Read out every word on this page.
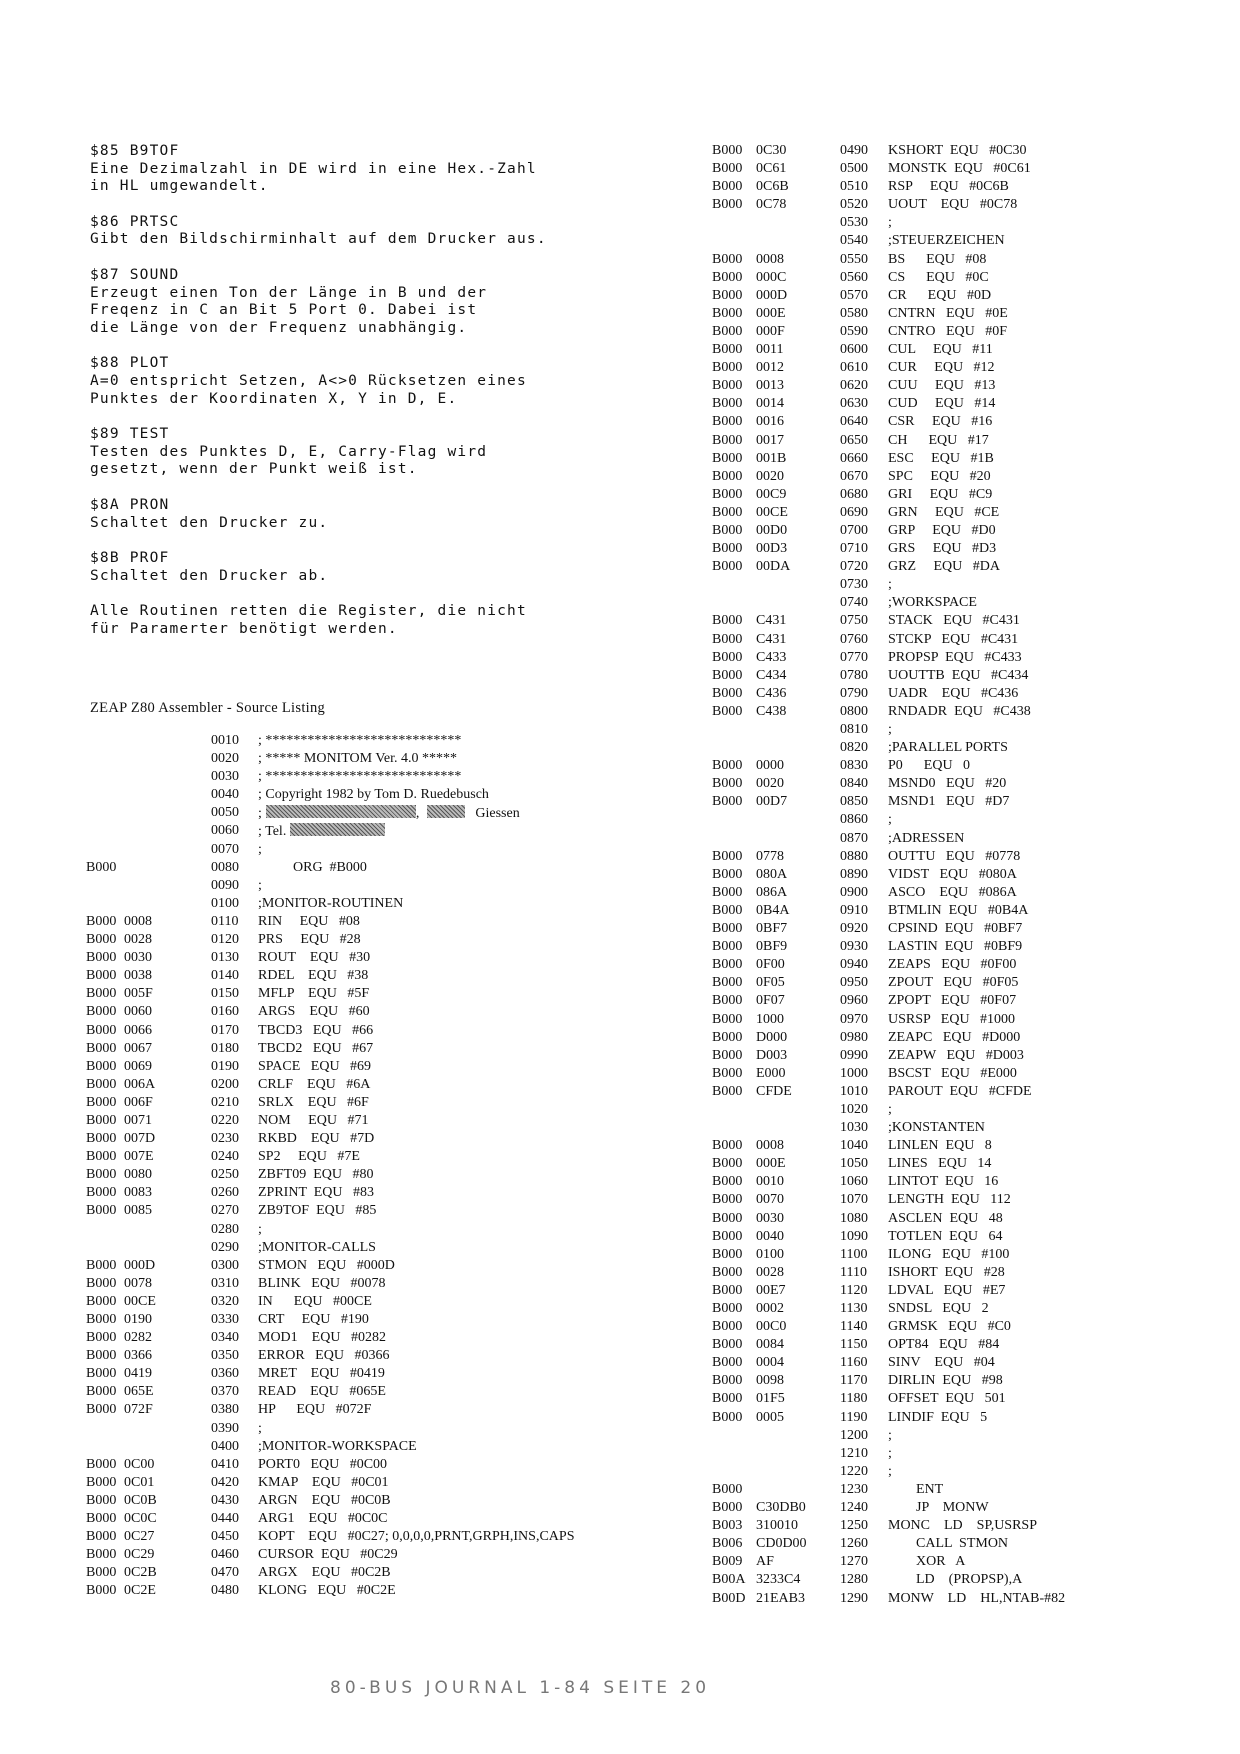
$85 B9TOF
Eine Dezimalzahl in DE wird in eine Hex.-Zahl
in HL umgewandelt.
$86 PRTSC
Gibt den Bildschirminhalt auf dem Drucker aus.
$87 SOUND
Erzeugt einen Ton der Länge in B und der
Freqenz in C an Bit 5 Port 0. Dabei ist
die Länge von der Frequenz unabhängig.
$88 PLOT
A=0 entspricht Setzen, A<>0 Rücksetzen eines
Punktes der Koordinaten X, Y in D, E.
$89 TEST
Testen des Punktes D, E, Carry-Flag wird
gesetzt, wenn der Punkt weiß ist.
$8A PRON
Schaltet den Drucker zu.
$8B PROF
Schaltet den Drucker ab.
Alle Routinen retten die Register, die nicht
für Paramerter benötigt werden.
ZEAP Z80 Assembler - Source Listing
0010 ; ****************************
0020 ; ***** MONITOM Ver. 4.0 *****
0030 ; ****************************
0040 ; Copyright 1982 by Tom D. Ruedebusch
0050 ;	,	Giessen
0060 ; Tel.
0070 ;
B000	0080 ORG  #B000
0090 ;
0100 ;MONITOR-ROUTINEN
B000 0008	0110 RIN     EQU   #08
B000 0028	0120 PRS     EQU   #28
B000 0030	0130 ROUT    EQU   #30
B000 0038	0140 RDEL    EQU   #38
B000 005F	0150 MFLP    EQU   #5F
B000 0060	0160 ARGS    EQU   #60
B000 0066	0170 TBCD3   EQU   #66
B000 0067	0180 TBCD2   EQU   #67
B000 0069	0190 SPACE   EQU   #69
B000 006A	0200 CRLF    EQU   #6A
B000 006F	0210 SRLX    EQU   #6F
B000 0071	0220 NOM     EQU   #71
B000 007D	0230 RKBD    EQU   #7D
B000 007E	0240 SP2     EQU   #7E
B000 0080	0250 ZBFT09  EQU   #80
B000 0083	0260 ZPRINT  EQU   #83
B000 0085	0270 ZB9TOF  EQU   #85
0280 ;
0290 ;MONITOR-CALLS
B000 000D	0300 STMON   EQU   #000D
B000 0078	0310 BLINK   EQU   #0078
B000 00CE	0320 IN      EQU   #00CE
B000 0190	0330 CRT     EQU   #190
B000 0282	0340 MOD1    EQU   #0282
B000 0366	0350 ERROR   EQU   #0366
B000 0419	0360 MRET    EQU   #0419
B000 065E	0370 READ    EQU   #065E
B000 072F	0380 HP      EQU   #072F
0390 ;
0400 ;MONITOR-WORKSPACE
B000 0C00	0410 PORT0   EQU   #0C00
B000 0C01	0420 KMAP    EQU   #0C01
B000 0C0B	0430 ARGN    EQU   #0C0B
B000 0C0C	0440 ARG1    EQU   #0C0C
B000 0C27	0450 KOPT    EQU   #0C27; 0,0,0,0,PRNT,GRPH,INS,CAPS
B000 0C29	0460 CURSOR  EQU   #0C29
B000 0C2B	0470 ARGX    EQU   #0C2B
B000 0C2E	0480 KLONG   EQU   #0C2E
B000 0C30	0490 KSHORT  EQU   #0C30
B000 0C61	0500 MONSTK  EQU   #0C61
B000 0C6B	0510 RSP     EQU   #0C6B
B000 0C78	0520 UOUT    EQU   #0C78
0530 ;
0540 ;STEUERZEICHEN
B000 0008	0550 BS      EQU   #08
B000 000C	0560 CS      EQU   #0C
B000 000D	0570 CR      EQU   #0D
B000 000E	0580 CNTRN   EQU   #0E
B000 000F	0590 CNTRO   EQU   #0F
B000 0011	0600 CUL     EQU   #11
B000 0012	0610 CUR     EQU   #12
B000 0013	0620 CUU     EQU   #13
B000 0014	0630 CUD     EQU   #14
B000 0016	0640 CSR     EQU   #16
B000 0017	0650 CH      EQU   #17
B000 001B	0660 ESC     EQU   #1B
B000 0020	0670 SPC     EQU   #20
B000 00C9	0680 GRI     EQU   #C9
B000 00CE	0690 GRN     EQU   #CE
B000 00D0	0700 GRP     EQU   #D0
B000 00D3	0710 GRS     EQU   #D3
B000 00DA	0720 GRZ     EQU   #DA
0730 ;
0740 ;WORKSPACE
B000 C431	0750 STACK   EQU   #C431
B000 C431	0760 STCKP   EQU   #C431
B000 C433	0770 PROPSP  EQU   #C433
B000 C434	0780 UOUTTB  EQU   #C434
B000 C436	0790 UADR    EQU   #C436
B000 C438	0800 RNDADR  EQU   #C438
0810 ;
0820 ;PARALLEL PORTS
B000 0000	0830 P0      EQU   0
B000 0020	0840 MSND0   EQU   #20
B000 00D7	0850 MSND1   EQU   #D7
0860 ;
0870 ;ADRESSEN
B000 0778	0880 OUTTU   EQU   #0778
B000 080A	0890 VIDST   EQU   #080A
B000 086A	0900 ASCO    EQU   #086A
B000 0B4A	0910 BTMLIN  EQU   #0B4A
B000 0BF7	0920 CPSIND  EQU   #0BF7
B000 0BF9	0930 LASTIN  EQU   #0BF9
B000 0F00	0940 ZEAPS   EQU   #0F00
B000 0F05	0950 ZPOUT   EQU   #0F05
B000 0F07	0960 ZPOPT   EQU   #0F07
B000 1000	0970 USRSP   EQU   #1000
B000 D000	0980 ZEAPC   EQU   #D000
B000 D003	0990 ZEAPW   EQU   #D003
B000 E000	1000 BSCST   EQU   #E000
B000 CFDE	1010 PAROUT  EQU   #CFDE
1020 ;
1030 ;KONSTANTEN
B000 0008	1040 LINLEN  EQU   8
B000 000E	1050 LINES   EQU   14
B000 0010	1060 LINTOT  EQU   16
B000 0070	1070 LENGTH  EQU   112
B000 0030	1080 ASCLEN  EQU   48
B000 0040	1090 TOTLEN  EQU   64
B000 0100	1100 ILONG   EQU   #100
B000 0028	1110 ISHORT  EQU   #28
B000 00E7	1120 LDVAL   EQU   #E7
B000 0002	1130 SNDSL   EQU   2
B000 00C0	1140 GRMSK   EQU   #C0
B000 0084	1150 OPT84   EQU   #84
B000 0004	1160 SINV    EQU   #04
B000 0098	1170 DIRLIN  EQU   #98
B000 01F5	1180 OFFSET  EQU   501
B000 0005	1190 LINDIF  EQU   5
1200 ;
1210 ;
1220 ;
B000	1230 ENT
B000 C30DB0 1240 JP    MONW
B003 310010	1250 MONC    LD    SP,USRSP
B006 CD0D00 1260 CALL  STMON
B009 AF	1270 XOR   A
B00A 3233C4	1280 LD    (PROPSP),A
B00D 21EAB3	1290 MONW    LD    HL,NTAB-#82
80-BUS JOURNAL 1-84 SEITE 20
